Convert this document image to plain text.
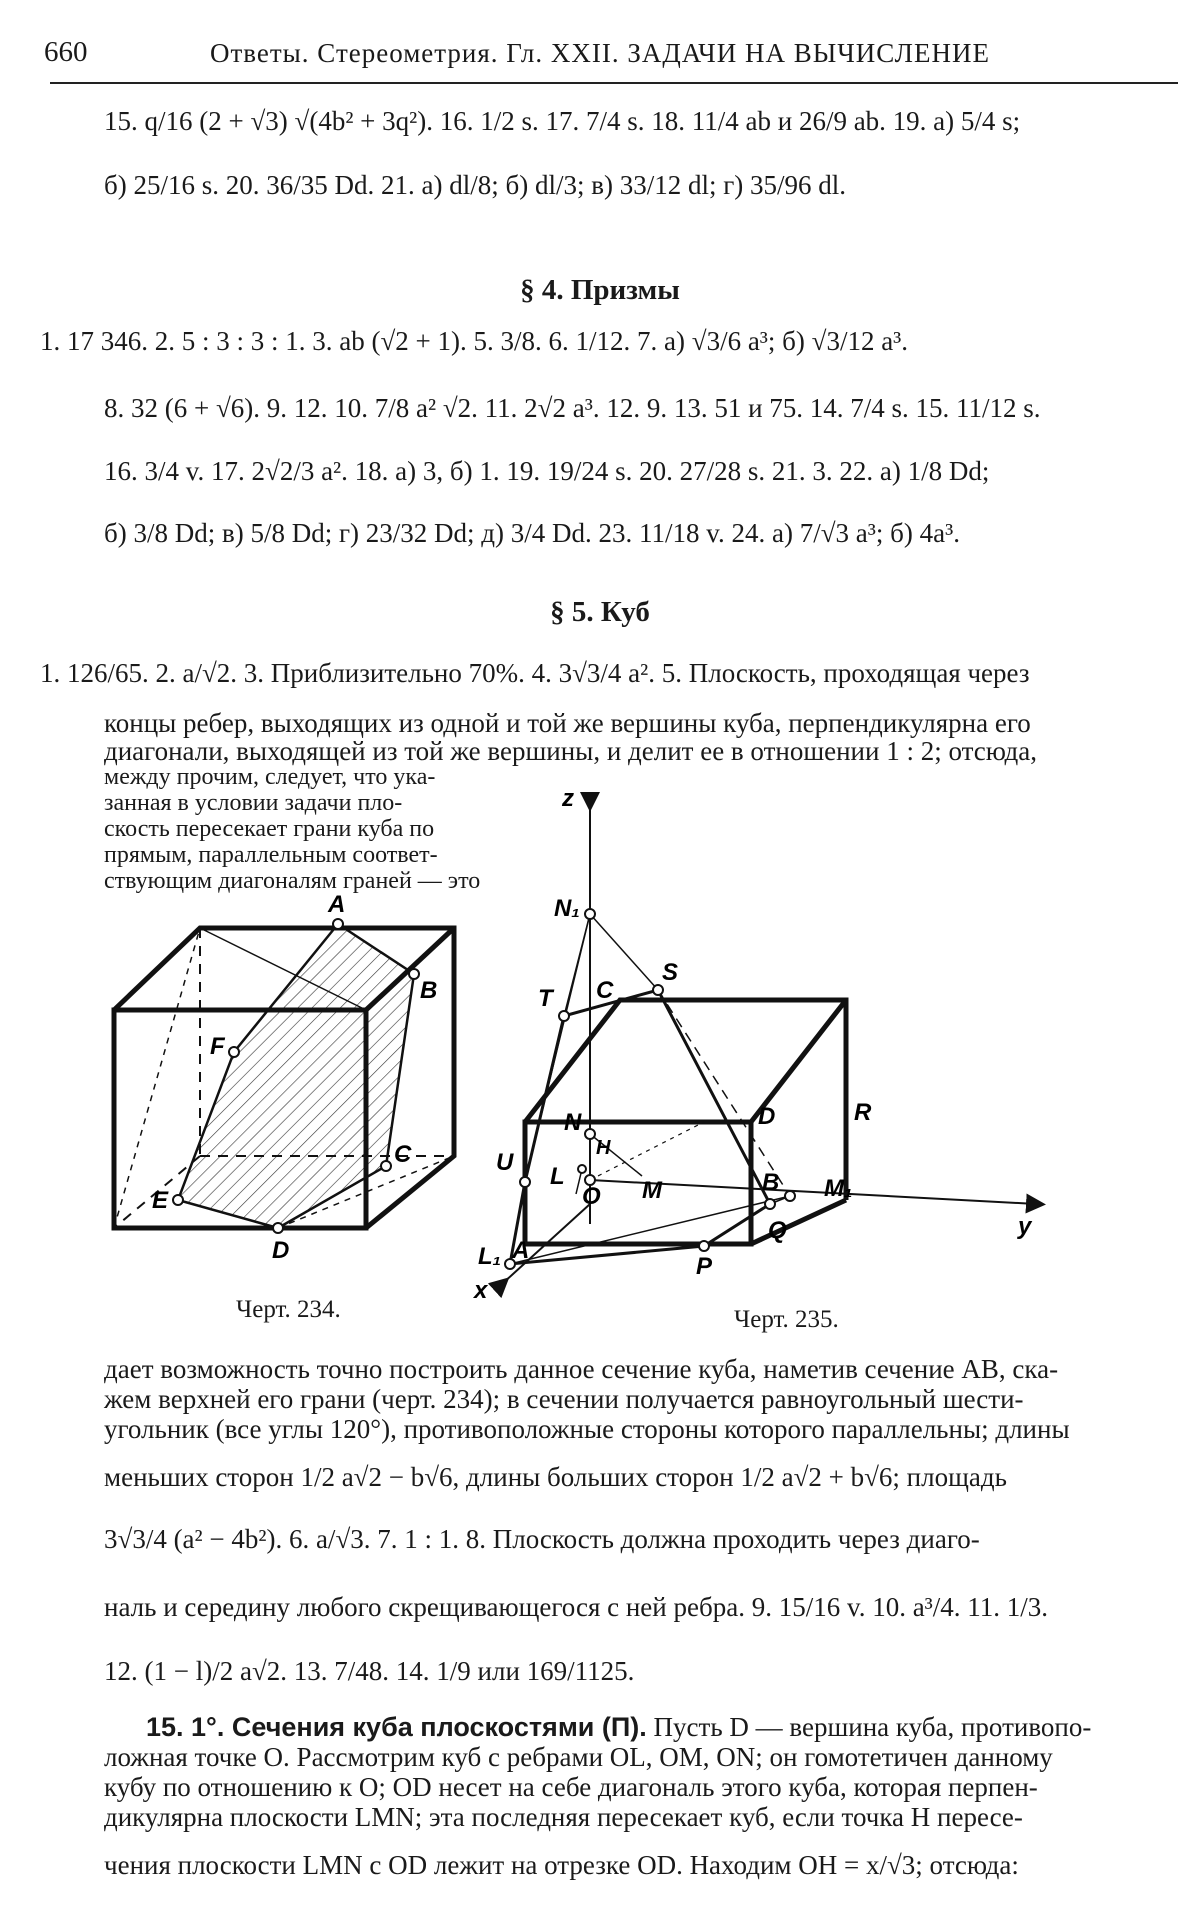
660	Ответы. Стереометрия. Гл. XXII. ЗАДАЧИ НА ВЫЧИСЛЕНИЕ
15. q/16 (2 + √3) √(4b² + 3q²). 16. 1/2 s. 17. 7/4 s. 18. 11/4 ab и 26/9 ab. 19. а) 5/4 s;
б) 25/16 s. 20. 36/35 Dd. 21. а) dl/8; б) dl/3; в) 33/12 dl; г) 35/96 dl.
§ 4. Призмы
1. 17 346. 2. 5 : 3 : 3 : 1. 3. ab (√2 + 1). 5. 3/8. 6. 1/12. 7. а) √3/6 a³; б) √3/12 a³.
8. 32 (6 + √6). 9. 12. 10. 7/8 a² √2. 11. 2√2 a³. 12. 9. 13. 51 и 75. 14. 7/4 s. 15. 11/12 s.
16. 3/4 v. 17. 2√2/3 a². 18. а) 3, б) 1. 19. 19/24 s. 20. 27/28 s. 21. 3. 22. а) 1/8 Dd;
б) 3/8 Dd; в) 5/8 Dd; г) 23/32 Dd; д) 3/4 Dd. 23. 11/18 v. 24. а) 7/√3 a³; б) 4a³.
§ 5. Куб
1. 126/65. 2. a/√2. 3. Приблизительно 70%. 4. 3√3/4 a². 5. Плоскость, проходящая через
концы ребер, выходящих из одной и той же вершины куба, перпендикулярна его
диагонали, выходящей из той же вершины, и делит ее в отношении 1 : 2; отсюда,
между прочим, следует, что ука-
занная в условии задачи пло-
скость пересекает грани куба по
прямым, параллельным соответ-
ствующим диагоналям граней — это
A
B
C
D
E
F
Черт. 234.
z
x
y
N₁
C
S
T
D
N
H
R
U
L
O M	B M₁
L₁ A
P
Q
Черт. 235.
дает возможность точно построить данное сечение куба, наметив сечение AB, ска-
жем верхней его грани (черт. 234); в сечении получается равноугольный шести-
угольник (все углы 120°), противоположные стороны которого параллельны; длины
меньших сторон 1/2 a√2 − b√6, длины больших сторон 1/2 a√2 + b√6; площадь
3√3/4 (a² − 4b²). 6. a/√3. 7. 1 : 1. 8. Плоскость должна проходить через диаго-
наль и середину любого скрещивающегося с ней ребра. 9. 15/16 v. 10. a³/4. 11. 1/3.
12. (1 − l)/2 a√2. 13. 7/48. 14. 1/9 или 169/1125.
15. 1°. Сечения куба плоскостями (П). Пусть D — вершина куба, противопо-
ложная точке O. Рассмотрим куб с ребрами OL, OM, ON; он гомотетичен данному
кубу по отношению к O; OD несет на себе диагональ этого куба, которая перпен-
дикулярна плоскости LMN; эта последняя пересекает куб, если точка H пересе-
чения плоскости LMN с OD лежит на отрезке OD. Находим OH = x/√3; отсюда:
